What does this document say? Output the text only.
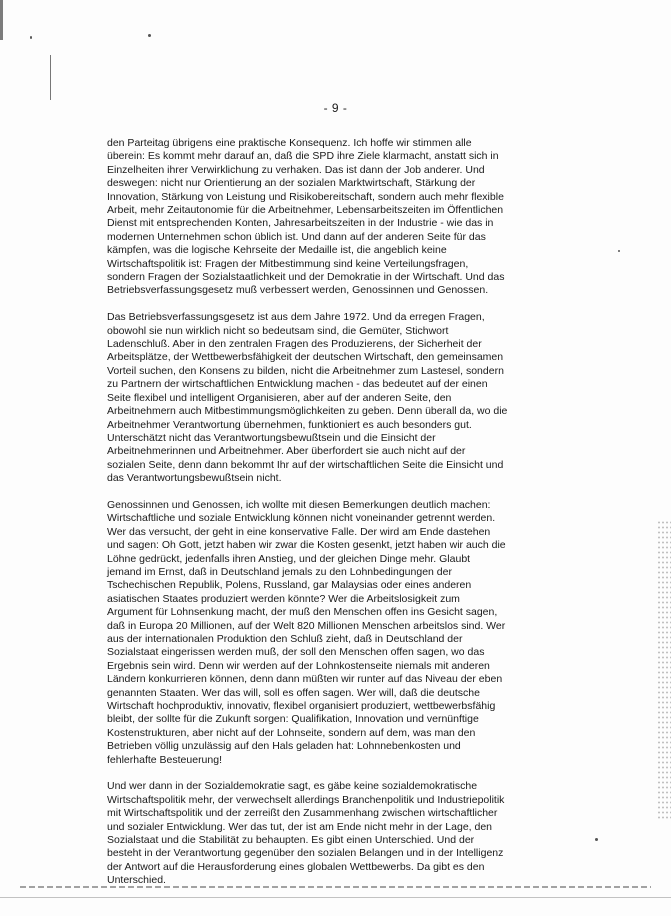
- 9 -

den Parteitag übrigens eine praktische Konsequenz. Ich hoffe wir stimmen alle
überein: Es kommt mehr darauf an, daß die SPD ihre Ziele klarmacht, anstatt sich in
Einzelheiten ihrer Verwirklichung zu verhaken. Das ist dann der Job anderer. Und
deswegen: nicht nur Orientierung an der sozialen Marktwirtschaft, Stärkung der
Innovation, Stärkung von Leistung und Risikobereitschaft, sondern auch mehr flexible
Arbeit, mehr Zeitautonomie für die Arbeitnehmer, Lebensarbeitszeiten im Öffentlichen
Dienst mit entsprechenden Konten, Jahresarbeitszeiten in der Industrie - wie das in
modernen Unternehmen schon üblich ist. Und dann auf der anderen Seite für das
kämpfen, was die logische Kehrseite der Medaille ist, die angeblich keine
Wirtschaftspolitik ist: Fragen der Mitbestimmung sind keine Verteilungsfragen,
sondern Fragen der Sozialstaatlichkeit und der Demokratie in der Wirtschaft. Und das
Betriebsverfassungsgesetz muß verbessert werden, Genossinnen und Genossen.

Das Betriebsverfassungsgesetz ist aus dem Jahre 1972. Und da erregen Fragen,
obowohl sie nun wirklich nicht so bedeutsam sind, die Gemüter, Stichwort
Ladenschluß. Aber in den zentralen Fragen des Produzierens, der Sicherheit der
Arbeitsplätze, der Wettbewerbsfähigkeit der deutschen Wirtschaft, den gemeinsamen
Vorteil suchen, den Konsens zu bilden, nicht die Arbeitnehmer zum Lastesel, sondern
zu Partnern der wirtschaftlichen Entwicklung machen - das bedeutet auf der einen
Seite flexibel und intelligent Organisieren, aber auf der anderen Seite, den
Arbeitnehmern auch Mitbestimmungsmöglichkeiten zu geben. Denn überall da, wo die
Arbeitnehmer Verantwortung übernehmen, funktioniert es auch besonders gut.
Unterschätzt nicht das Verantwortungsbewußtsein und die Einsicht der
Arbeitnehmerinnen und Arbeitnehmer. Aber überfordert sie auch nicht auf der
sozialen Seite, denn dann bekommt Ihr auf der wirtschaftlichen Seite die Einsicht und
das Verantwortungsbewußtsein nicht.

Genossinnen und Genossen, ich wollte mit diesen Bemerkungen deutlich machen:
Wirtschaftliche und soziale Entwicklung können nicht voneinander getrennt werden.
Wer das versucht, der geht in eine konservative Falle. Der wird am Ende dastehen
und sagen: Oh Gott, jetzt haben wir zwar die Kosten gesenkt, jetzt haben wir auch die
Löhne gedrückt, jedenfalls ihren Anstieg, und der gleichen Dinge mehr. Glaubt
jemand im Ernst, daß in Deutschland jemals zu den Lohnbedingungen der
Tschechischen Republik, Polens, Russland, gar Malaysias oder eines anderen
asiatischen Staates produziert werden könnte? Wer die Arbeitslosigkeit zum
Argument für Lohnsenkung macht, der muß den Menschen offen ins Gesicht sagen,
daß in Europa 20 Millionen, auf der Welt 820 Millionen Menschen arbeitslos sind. Wer
aus der internationalen Produktion den Schluß zieht, daß in Deutschland der
Sozialstaat eingerissen werden muß, der soll den Menschen offen sagen, wo das
Ergebnis sein wird. Denn wir werden auf der Lohnkostenseite niemals mit anderen
Ländern konkurrieren können, denn dann müßten wir runter auf das Niveau der eben
genannten Staaten. Wer das will, soll es offen sagen. Wer will, daß die deutsche
Wirtschaft hochproduktiv, innovativ, flexibel organisiert produziert, wettbewerbsfähig
bleibt, der sollte für die Zukunft sorgen: Qualifikation, Innovation und vernünftige
Kostenstrukturen, aber nicht auf der Lohnseite, sondern auf dem, was man den
Betrieben völlig unzulässig auf den Hals geladen hat: Lohnnebenkosten und
fehlerhafte Besteuerung!

Und wer dann in der Sozialdemokratie sagt, es gäbe keine sozialdemokratische
Wirtschaftspolitik mehr, der verwechselt allerdings Branchenpolitik und Industriepolitik
mit Wirtschaftspolitik und der zerreißt den Zusammenhang zwischen wirtschaftlicher
und sozialer Entwicklung. Wer das tut, der ist am Ende nicht mehr in der Lage, den
Sozialstaat und die Stabilität zu behaupten. Es gibt einen Unterschied. Und der
besteht in der Verantwortung gegenüber den sozialen Belangen und in der Intelligenz
der Antwort auf die Herausforderung eines globalen Wettbewerbs. Da gibt es den
Unterschied.
